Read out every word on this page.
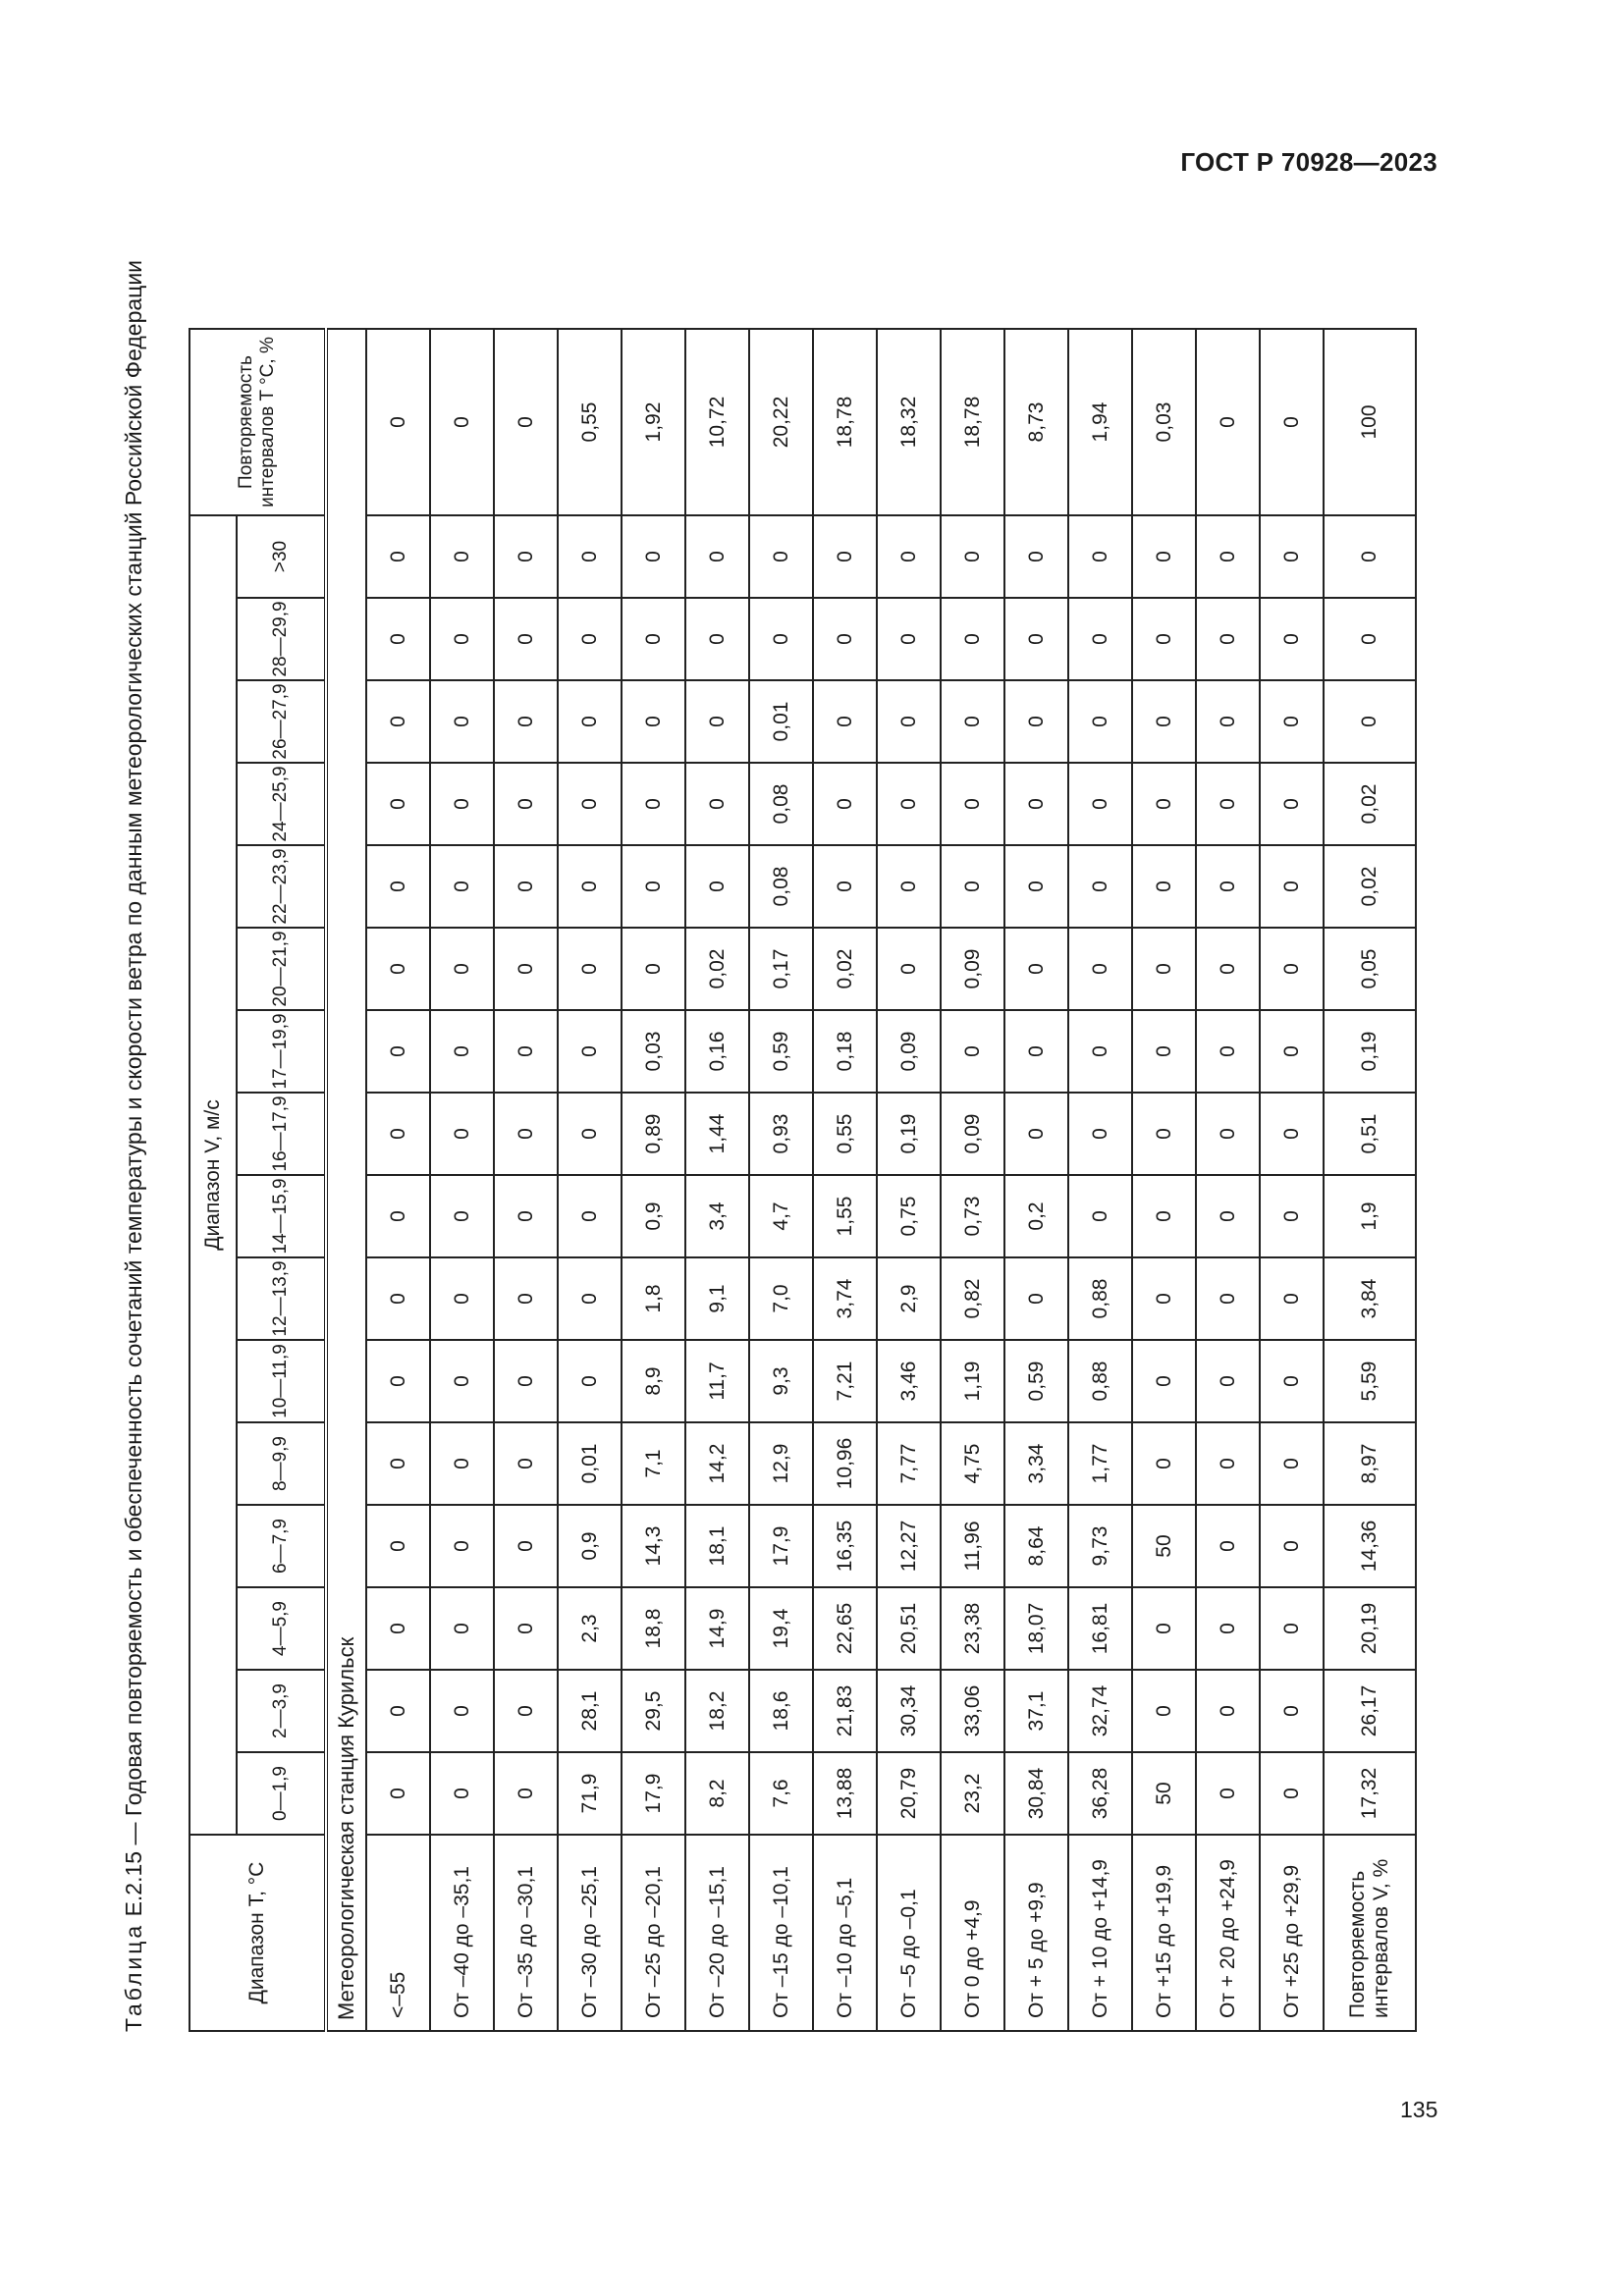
ГОСТ Р 70928—2023
Таблица Е.2.15 — Годовая повторяемость и обеспеченность сочетаний температуры и скорости ветра по данным метеорологических станций Российской Федерации
Диапазон T, °C	Диапазон V, м/с																Повторяемость интервалов T °C, %
	0—1,9	2—3,9	4—5,9	6—7,9	8—9,9	10—11,9	12—13,9	14—15,9	16—17,9	17—19,9	20—21,9	22—23,9	24—25,9	26—27,9	28—29,9	>30	
Метеорологическая станция Курильск																	
<–55	0	0	0	0	0	0	0	0	0	0	0	0	0	0	0	0	0
От –40 до –35,1	0	0	0	0	0	0	0	0	0	0	0	0	0	0	0	0	0
От –35 до –30,1	0	0	0	0	0	0	0	0	0	0	0	0	0	0	0	0	0
От –30 до –25,1	71,9	28,1	2,3	0,9	0,01	0	0	0	0	0	0	0	0	0	0	0	0,55
От –25 до –20,1	17,9	29,5	18,8	14,3	7,1	8,9	1,8	0,9	0,89	0,03	0	0	0	0	0	0	1,92
От –20 до –15,1	8,2	18,2	14,9	18,1	14,2	11,7	9,1	3,4	1,44	0,16	0,02	0	0	0	0	0	10,72
От –15 до –10,1	7,6	18,6	19,4	17,9	12,9	9,3	7,0	4,7	0,93	0,59	0,17	0,08	0,08	0,01	0	0	20,22
От –10 до –5,1	13,88	21,83	22,65	16,35	10,96	7,21	3,74	1,55	0,55	0,18	0,02	0	0	0	0	0	18,78
От –5 до –0,1	20,79	30,34	20,51	12,27	7,77	3,46	2,9	0,75	0,19	0,09	0	0	0	0	0	0	18,32
От 0 до +4,9	23,2	33,06	23,38	11,96	4,75	1,19	0,82	0,73	0,09	0	0,09	0	0	0	0	0	18,78
От + 5 до +9,9	30,84	37,1	18,07	8,64	3,34	0,59	0	0,2	0	0	0	0	0	0	0	0	8,73
От + 10 до +14,9	36,28	32,74	16,81	9,73	1,77	0,88	0,88	0	0	0	0	0	0	0	0	0	1,94
От +15 до +19,9	50	0	0	50	0	0	0	0	0	0	0	0	0	0	0	0	0,03
От + 20 до +24,9	0	0	0	0	0	0	0	0	0	0	0	0	0	0	0	0	0
От +25 до +29,9	0	0	0	0	0	0	0	0	0	0	0	0	0	0	0	0	0
Повторяемость интервалов V, %	17,32	26,17	20,19	14,36	8,97	5,59	3,84	1,9	0,51	0,19	0,05	0,02	0,02	0	0	0	100
135
